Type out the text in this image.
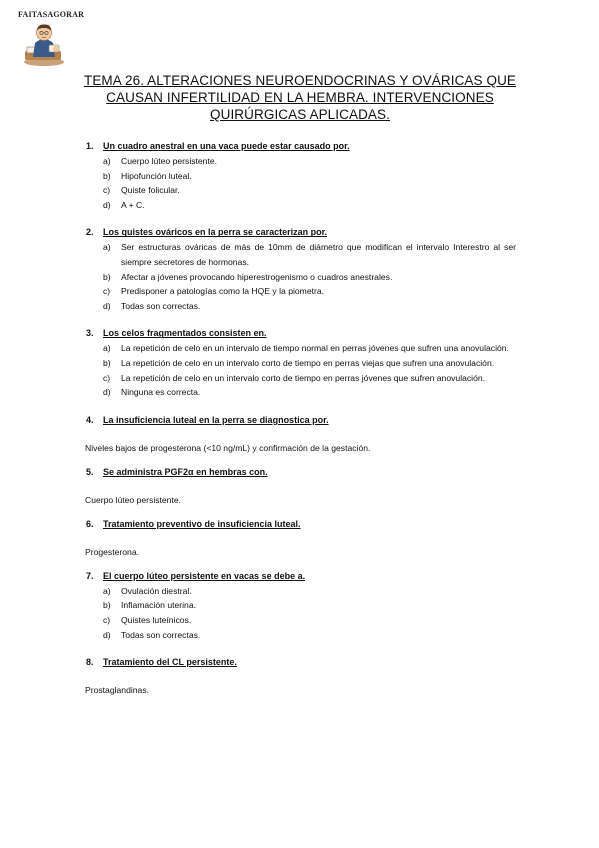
FAITASAGORAR
TEMA 26. ALTERACIONES NEUROENDOCRINAS Y OVÁRICAS QUE
CAUSAN INFERTILIDAD EN LA HEMBRA. INTERVENCIONES
QUIRÚRGICAS APLICADAS.
1.	Un cuadro anestral en una vaca puede estar causado por.
a)	Cuerpo lúteo persistente.
b)	Hipofunción luteal.
c)	Quiste folicular.
d)	A + C.
2.	Los quistes ováricos en la perra se caracterizan por.
a)	Ser estructuras ováricas de más de 10mm de diámetro que modifican el intervalo Interestro al ser siempre secretores de hormonas.
b)	Afectar a jóvenes provocando hiperestrogenismo o cuadros anestrales.
c)	Predisponer a patologías como la HQE y la piometra.
d)	Todas son correctas.
3.	Los celos fragmentados consisten en.
a)	La repetición de celo en un intervalo de tiempo normal en perras jóvenes que sufren una anovulación.
b)	La repetición de celo en un intervalo corto de tiempo en perras viejas que sufren una anovulación.
c)	La repetición de celo en un intervalo corto de tiempo en perras jóvenes que sufren anovulación.
d)	Ninguna es correcta.
4.	La insuficiencia luteal en la perra se diagnostica por.
Niveles bajos de progesterona (<10 ng/mL) y confirmación de la gestación.
5.	Se administra PGF2α en hembras con.
Cuerpo lúteo persistente.
6.	Tratamiento preventivo de insuficiencia luteal.
Progesterona.
7.	El cuerpo lúteo persistente en vacas se debe a.
a)	Ovulación diestral.
b)	Inflamación uterina.
c)	Quistes luteínicos.
d)	Todas son correctas.
8.	Tratamiento del CL persistente.
Prostaglandinas.
